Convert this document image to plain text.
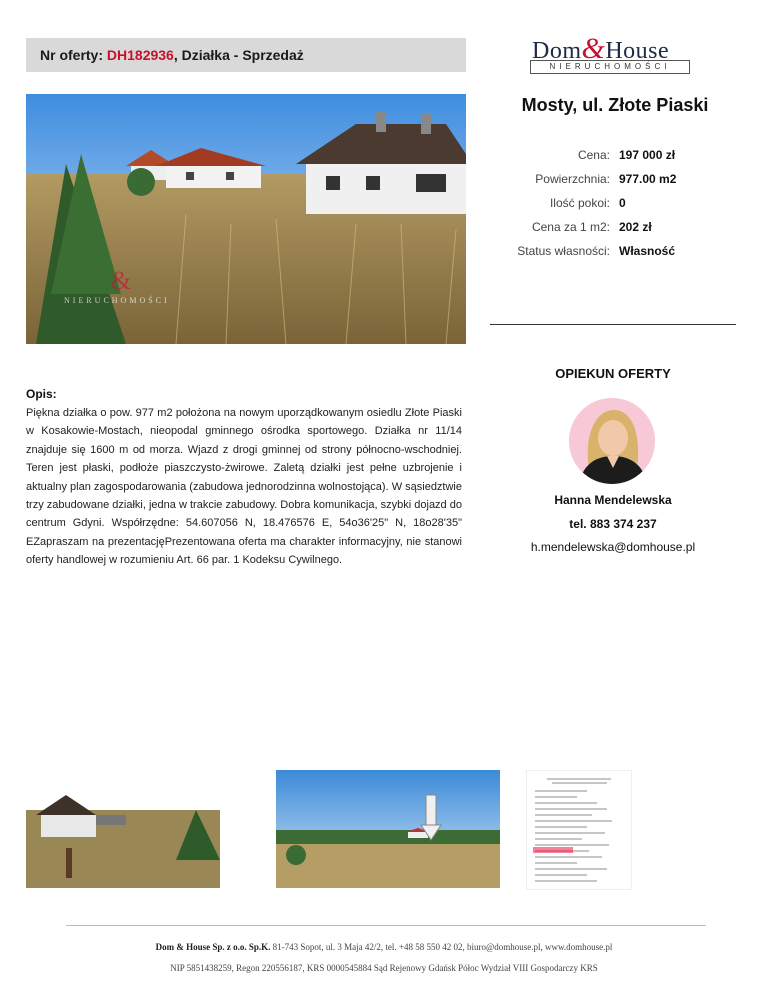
Nr oferty: DH182936, Działka - Sprzedaż	Dom&House
NIERUCHOMOŚCI
&
NIERUCHOMOŚCI
Mosty, ul. Złote Piaski
Cena: 197 000 zł
Powierzchnia: 977.00 m2
Ilość pokoi: 0
Cena za 1 m2: 202 zł
Status własności: Własność
OPIEKUN OFERTY
Hanna Mendelewska
tel. 883 374 237
h.mendelewska@domhouse.pl
Opis:
Piękna działka o pow. 977 m2 położona na nowym uporządkowanym osiedlu Złote Piaski w Kosakowie-Mostach, nieopodal gminnego ośrodka sportowego. Działka nr 11/14 znajduje się 1600 m od morza. Wjazd z drogi gminnej od strony północno-wschodniej. Teren jest płaski, podłoże piaszczysto-żwirowe. Zaletą działki jest pełne uzbrojenie i aktualny plan zagospodarowania (zabudowa jednorodzinna wolnostojąca). W sąsiedztwie trzy zabudowane działki, jedna w trakcie zabudowy. Dobra komunikacja, szybki dojazd do centrum Gdyni. Współrzędne: 54.607056 N, 18.476576 E, 54o36'25" N, 18o28'35" EZapraszam na prezentacjęPrezentowana oferta ma charakter informacyjny, nie stanowi oferty handlowej w rozumieniu Art. 66 par. 1 Kodeksu Cywilnego.
Dom & House Sp. z o.o. Sp.K. 81-743 Sopot, ul. 3 Maja 42/2, tel. +48 58 550 42 02, biuro@domhouse.pl, www.domhouse.pl
NIP 5851438259, Regon 220556187, KRS 0000545884 Sąd Rejenowy Gdańsk Półoc Wydział VIII Gospodarczy KRS
